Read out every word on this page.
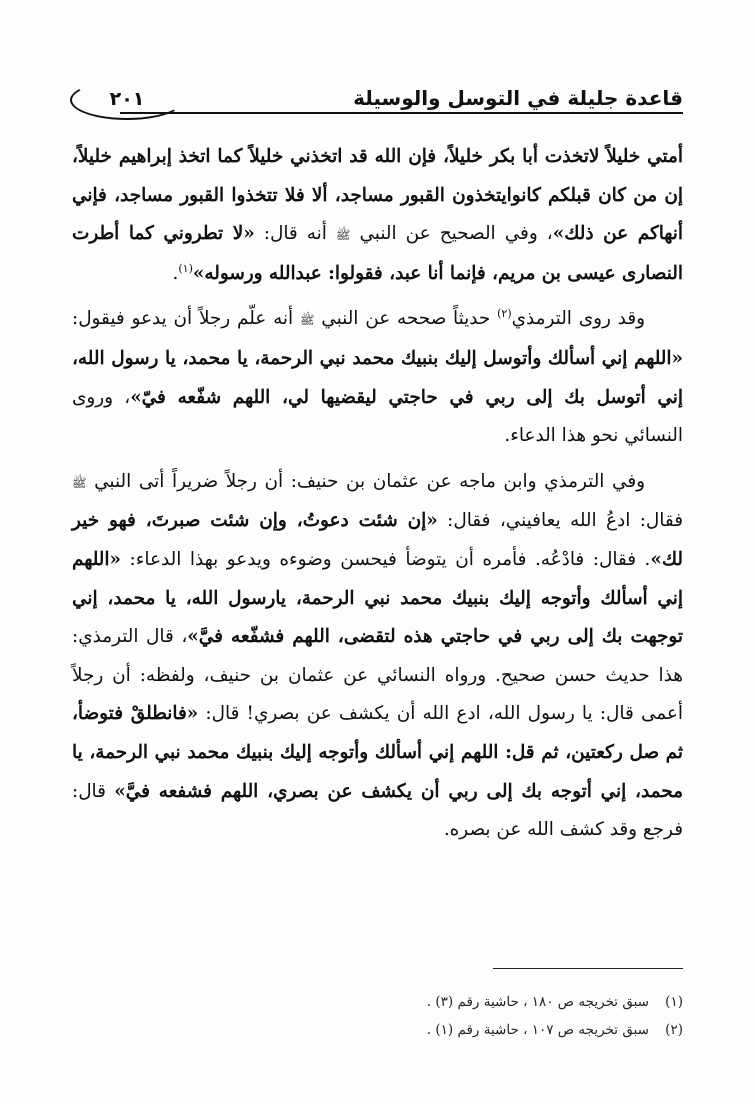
قاعدة جليلة في التوسل والوسيلة
٢٠١

أمتي خليلاً لاتخذت أبا بكر خليلاً، فإن الله قد اتخذني خليلاً كما اتخذ إبراهيم خليلاً، إن من كان قبلكم كانوايتخذون القبور مساجد، ألا فلا تتخذوا القبور مساجد، فإني أنهاكم عن ذلك»، وفي الصحيح عن النبي ﷺ أنه قال: «لا تطروني كما أطرت النصارى عيسى بن مريم، فإنما أنا عبد، فقولوا: عبدالله ورسوله»$^{(١)}$.

وقد روى الترمذي$^{(٢)}$ حديثاً صححه عن النبي ﷺ أنه علّم رجلاً أن يدعو فيقول: «اللهم إني أسألك وأتوسل إليك بنبيك محمد نبي الرحمة، يا محمد، يا رسول الله، إني أتوسل بك إلى ربي في حاجتي ليقضيها لي، اللهم شفّعه فيّ»، وروى النسائي نحو هذا الدعاء.

وفي الترمذي وابن ماجه عن عثمان بن حنيف: أن رجلاً ضريراً أتى النبي ﷺ فقال: ادعُ الله يعافيني، فقال: «إن شئت دعوتُ، وإن شئت صبرتَ، فهو خير لك». فقال: فادْعُه. فأمره أن يتوضأ فيحسن وضوءه ويدعو بهذا الدعاء: «اللهم إني أسألك وأتوجه إليك بنبيك محمد نبي الرحمة، يارسول الله، يا محمد، إني توجهت بك إلى ربي في حاجتي هذه لتقضى، اللهم فشفّعه فيَّ»، قال الترمذي: هذا حديث حسن صحيح. ورواه النسائي عن عثمان بن حنيف، ولفظه: أن رجلاً أعمى قال: يا رسول الله، ادع الله أن يكشف عن بصري! قال: «فانطلقْ فتوضأ، ثم صل ركعتين، ثم قل: اللهم إني أسألك وأتوجه إليك بنبيك محمد نبي الرحمة، يا محمد، إني أتوجه بك إلى ربي أن يكشف عن بصري، اللهم فشفعه فيَّ» قال: فرجع وقد كشف الله عن بصره.

(١)سبق تخريجه ص ١٨٠ ، حاشية رقم (٣) .
(٢)سبق تخريجه ص ١٠٧ ، حاشية رقم (١) .
